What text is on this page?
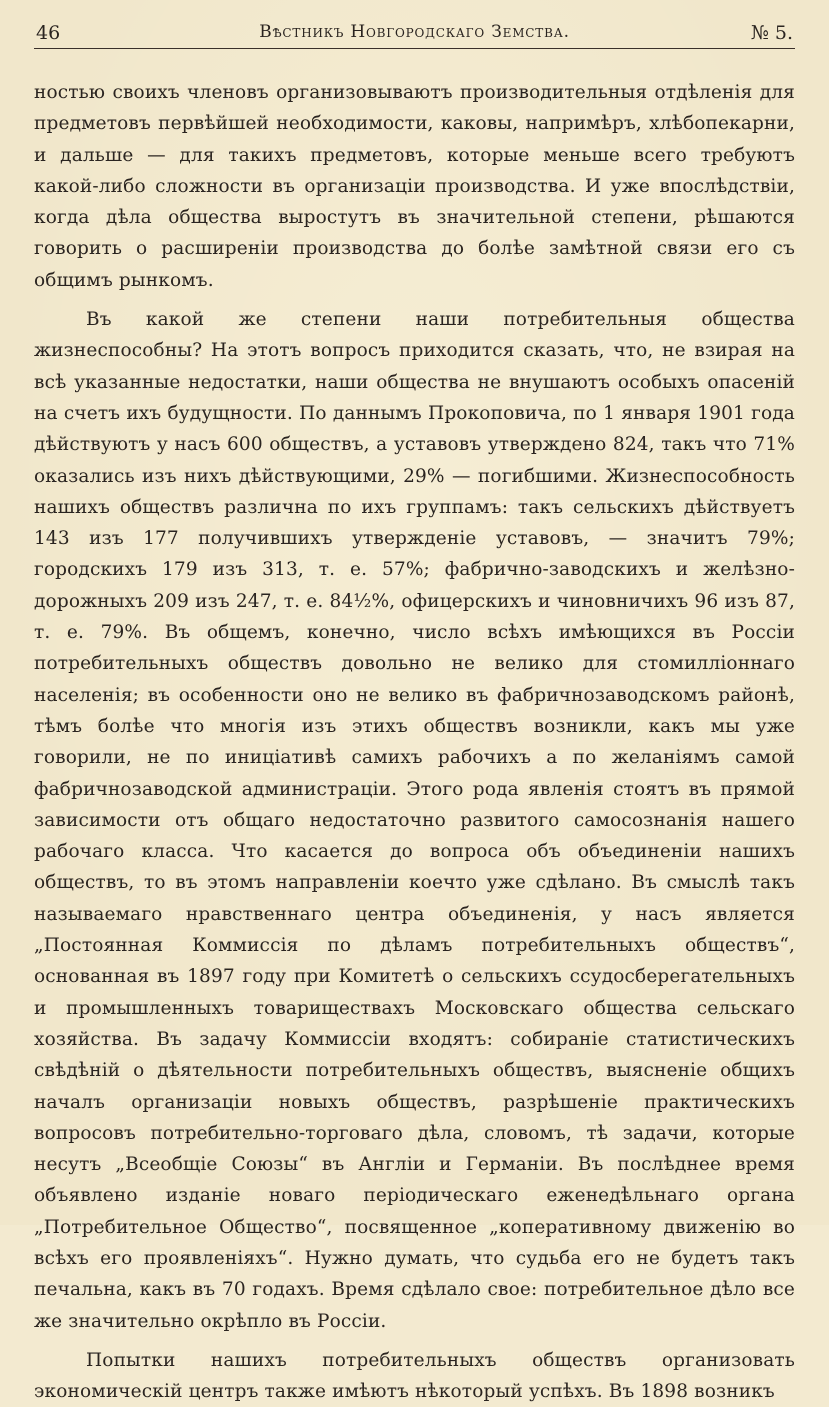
46	Вѣстникъ Новгородскаго Земства.	№ 5.

ностью своихъ членовъ организовываютъ производительныя отдѣленія для предметовъ первѣйшей необходимости, каковы, напримѣръ, хлѣбопекарни, и дальше — для такихъ предметовъ, которые меньше всего требуютъ какой-либо сложности въ организаціи производства. И уже впослѣдствіи, когда дѣла общества выростутъ въ значительной степени, рѣшаются говорить о расширеніи производства до болѣе замѣтной связи его съ общимъ рынкомъ.

Въ какой же степени наши потребительныя общества жизнеспособны? На этотъ вопросъ приходится сказать, что, не взирая на всѣ указанные недостатки, наши общества не внушаютъ особыхъ опасеній на счетъ ихъ будущности. По даннымъ Прокоповича, по 1 января 1901 года дѣйствуютъ у насъ 600 обществъ, а уставовъ утверждено 824, такъ что 71% оказались изъ нихъ дѣйствующими, 29% — погибшими. Жизнеспособность нашихъ обществъ различна по ихъ группамъ: такъ сельскихъ дѣйствуетъ 143 изъ 177 получившихъ утвержденіе уставовъ, — значитъ 79%; городскихъ 179 изъ 313, т. е. 57%; фабрично-заводскихъ и желѣзно-дорожныхъ 209 изъ 247, т. е. 84½%, офицерскихъ и чиновничихъ 96 изъ 87, т. е. 79%. Въ общемъ, конечно, число всѣхъ имѣющихся въ Россіи потребительныхъ обществъ довольно не велико для стомилліоннаго населенія; въ особенности оно не велико въ фабричнозаводскомъ районѣ, тѣмъ болѣе что многія изъ этихъ обществъ возникли, какъ мы уже говорили, не по иниціативѣ самихъ рабочихъ а по желаніямъ самой фабричнозаводской администраціи. Этого рода явленія стоятъ въ прямой зависимости отъ общаго недостаточно развитого самосознанія нашего рабочаго класса. Что касается до вопроса объ объединеніи нашихъ обществъ, то въ этомъ направленіи коечто уже сдѣлано. Въ смыслѣ такъ называемаго нравственнаго центра объединенія, у насъ является „Постоянная Коммиссія по дѣламъ потребительныхъ обществъ“, основанная въ 1897 году при Комитетѣ о сельскихъ ссудосберегательныхъ и промышленныхъ товариществахъ Московскаго общества сельскаго хозяйства. Въ задачу Коммиссіи входятъ: собираніе статистическихъ свѣдѣній о дѣятельности потребительныхъ обществъ, выясненіе общихъ началъ организаціи новыхъ обществъ, разрѣшеніе практическихъ вопросовъ потребительно-торговаго дѣла, словомъ, тѣ задачи, которые несутъ „Всеобщіе Союзы“ въ Англіи и Германіи. Въ послѣднее время объявлено изданіе новаго періодическаго еженедѣльнаго органа „Потребительное Общество“, посвященное „коперативному движенію во всѣхъ его проявленіяхъ“. Нужно думать, что судьба его не будетъ такъ печальна, какъ въ 70 годахъ. Время сдѣлало свое: потребительное дѣло все же значительно окрѣпло въ Россіи.

Попытки нашихъ потребительныхъ обществъ организовать экономическій центръ также имѣютъ нѣкоторый успѣхъ. Въ 1898 возникъ
